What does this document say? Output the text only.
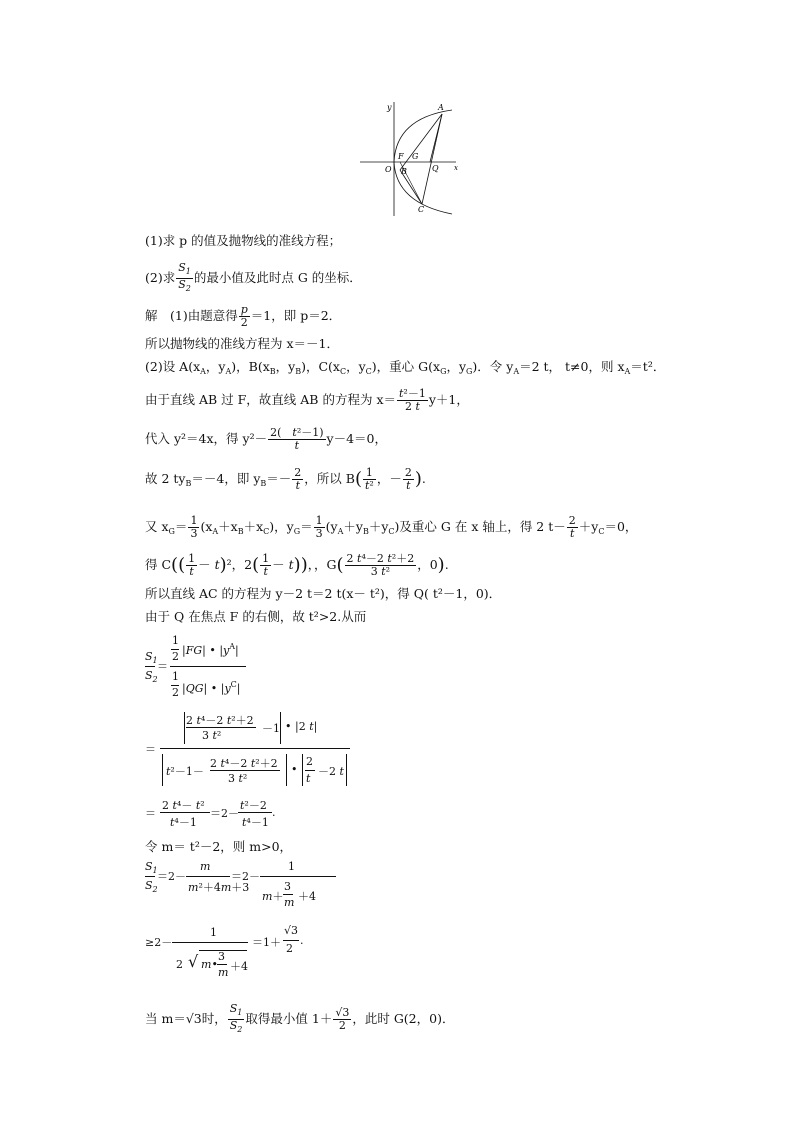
y	A
F G
O B	Q x
C
(1)求 p 的值及抛物线的准线方程；
(2)求 $\frac{S_1}{S_2}$ 的最小值及此时点 G 的坐标．
解　(1)由题意得 $\frac{p}{2} =1$，即 p＝2．
所以抛物线的准线方程为 x＝－1．
(2)设 $A(x_A$，$y_A$)，$B(x_B$，$y_B$)，$C(x_C$，$y_C$)，重心 $G(x_G$，$y_G$)．令 $y_A=2$ t， t≠0，则 $x_A=t^2$．
由于直线 AB 过 F，故直线 AB 的方程为 $x= \frac{\text{t²－1}}{2 t} y+1$，
代入 y²＝4x，得 $y^2- \frac{\text{2(　t²－1)}}{t} y-4=0$，
故 2 $ty_B=-4$，即 $y_B=- \frac{2}{t}$ ，所以 $B( \frac{1}{\text{t²}}$ ，－ $\frac{2}{t}$ ).
又 $x_G= \frac{1}{3} (x_A+x_B+x_C)$，$y_G= \frac{1}{3} (y_A+y_B+y_C)$及重心 G 在 x 轴上，得 2 $t- \frac{2}{t} +y_C=0$，
得 $C(( \frac{1}{t} - t)^2$，$2( \frac{1}{t} - t)$)，，$G( \frac{\text{2 t⁴－2 t²＋2}}{\text{3 t²}}$ ，0).
所以直线 AC 的方程为 y－2 t＝2 t(x－ t²)，得 Q( t²－1，0)．
由于 Q 在焦点 F 的右侧，故 t²>2.从而
$S_1$
$S_2$
＝
1
2 |FG| • $|y^A|$
1
2 |QG| • $|y^C|$
＝
2 t⁴－2 t²＋2
3 t²
－1 • |2 t|
t²－1－
2 t⁴－2 t²＋2
3 t²
•
2
t
－2 t
＝
2 t⁴－ t²
t⁴－1
＝2－
t²－2
t⁴－1
.
令 m＝ t²－2，则 m>0，
$S_1$
$S_2$
＝2－
m
m²＋4m＋3
＝2－
1
m＋
3
m ＋4
≥2－
1
2 √ m•
3
m ＋4
＝1＋
√3
2
.
当 m＝√3时， $\frac{S_1}{S_2}$ 取得最小值 $1+ \frac{√3}{2}$ ，此时 G(2，0)．
